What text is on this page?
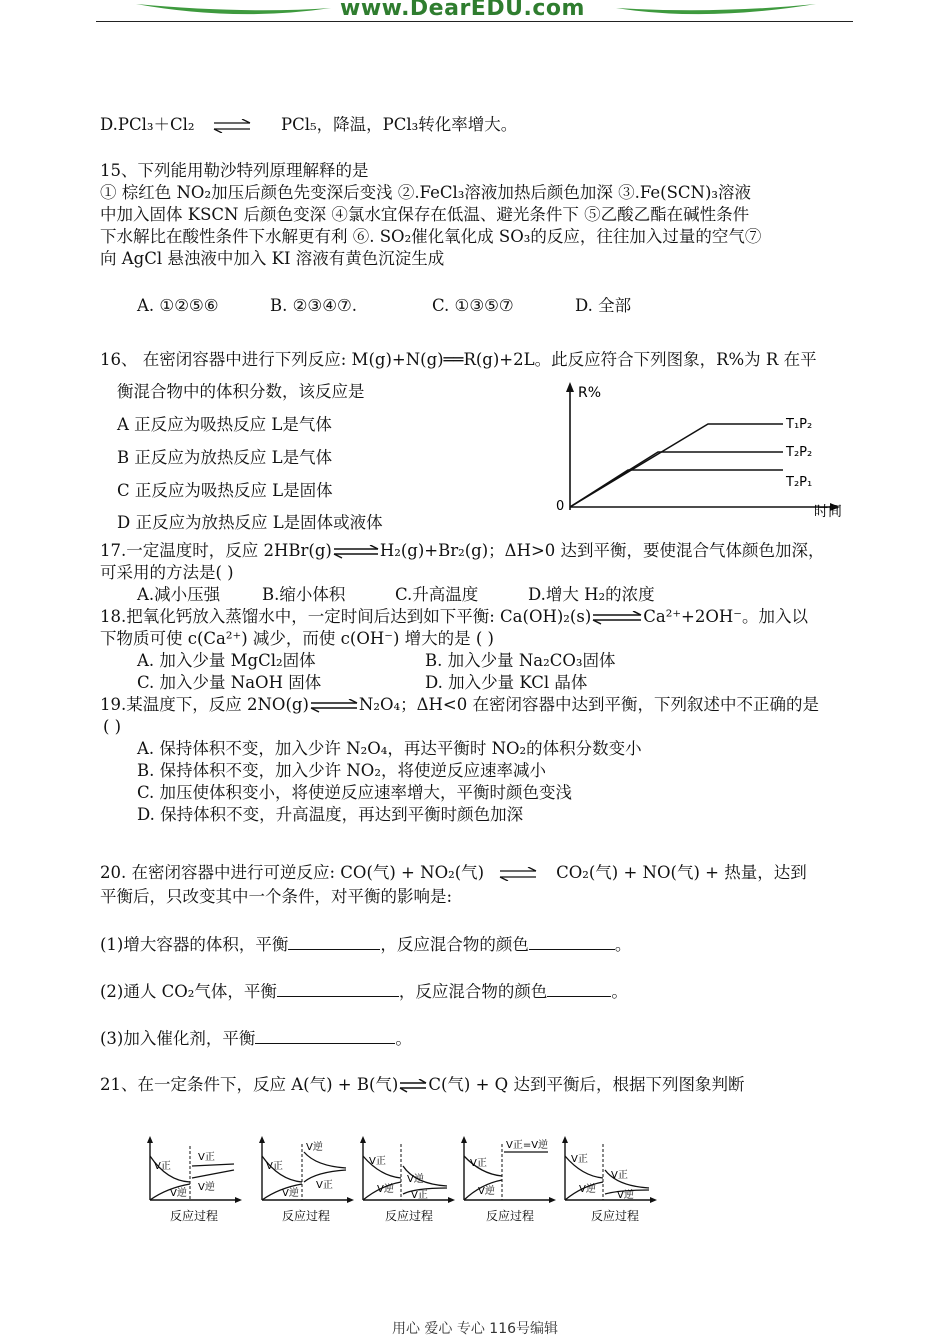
www.DearEDU.com
D.PCl₃＋Cl₂ ⇌ PCl₅，降温，PCl₃转化率增大。
15、下列能用勒沙特列原理解释的是
① 棕红色 NO₂加压后颜色先变深后变浅 ②.FeCl₃溶液加热后颜色加深 ③.Fe(SCN)₃溶液
中加入固体 KSCN 后颜色变深 ④氯水宜保存在低温、避光条件下 ⑤乙酸乙酯在碱性条件
下水解比在酸性条件下水解更有利 ⑥. SO₂催化氧化成 SO₃的反应，往往加入过量的空气⑦
向 AgCl 悬浊液中加入 KI 溶液有黄色沉淀生成
A. ①②⑤⑥	B. ②③④⑦.	C. ①③⑤⑦	D. 全部
16、 在密闭容器中进行下列反应: M(g)+N(g)══R(g)+2L。此反应符合下列图象，R%为 R 在平
衡混合物中的体积分数，该反应是
A 正反应为吸热反应 L是气体
B 正反应为放热反应 L是气体
C 正反应为吸热反应 L是固体
D 正反应为放热反应 L是固体或液体
R%
0	时间
T₁P₂
T₂P₂
T₂P₁
17.一定温度时，反应 2HBr(g)⇌H₂(g)+Br₂(g)；ΔH>0 达到平衡，要使混合气体颜色加深，
可采用的方法是( )
A.减小压强	B.缩小体积	C.升高温度	D.增大 H₂的浓度
18.把氧化钙放入蒸馏水中，一定时间后达到如下平衡: Ca(OH)₂(s)⇌Ca²⁺+2OH⁻。加入以
下物质可使 c(Ca²⁺) 减少，而使 c(OH⁻) 增大的是 ( )
A. 加入少量 MgCl₂固体	B. 加入少量 Na₂CO₃固体
C. 加入少量 NaOH 固体	D. 加入少量 KCl 晶体
19.某温度下，反应 2NO(g)⇌N₂O₄；ΔH<0 在密闭容器中达到平衡，下列叙述中不正确的是
( )
A. 保持体积不变，加入少许 N₂O₄，再达平衡时 NO₂的体积分数变小
B. 保持体积不变，加入少许 NO₂，将使逆反应速率减小
C. 加压使体积变小，将使逆反应速率增大，平衡时颜色变浅
D. 保持体积不变，升高温度，再达到平衡时颜色加深
20. 在密闭容器中进行可逆反应: CO(气) + NO₂(气) ⇌ CO₂(气) + NO(气) + 热量，达到
平衡后，只改变其中一个条件，对平衡的影响是:
(1)增大容器的体积，平衡	，反应混合物的颜色	。
(2)通人 CO₂气体，平衡	，反应混合物的颜色	。
(3)加入催化剂，平衡	。
21、在一定条件下，反应 A(气) + B(气)⇌C(气) + Q 达到平衡后，根据下列图象判断
V正
V正
V逆
V逆
反应过程
V逆
V正
V逆
V正
反应过程
V正
V逆
V逆
V正
反应过程
V正
V正=V逆
V逆
反应过程
V正
V正
V逆
V逆
反应过程
用心 爱心 专心 116号编辑
